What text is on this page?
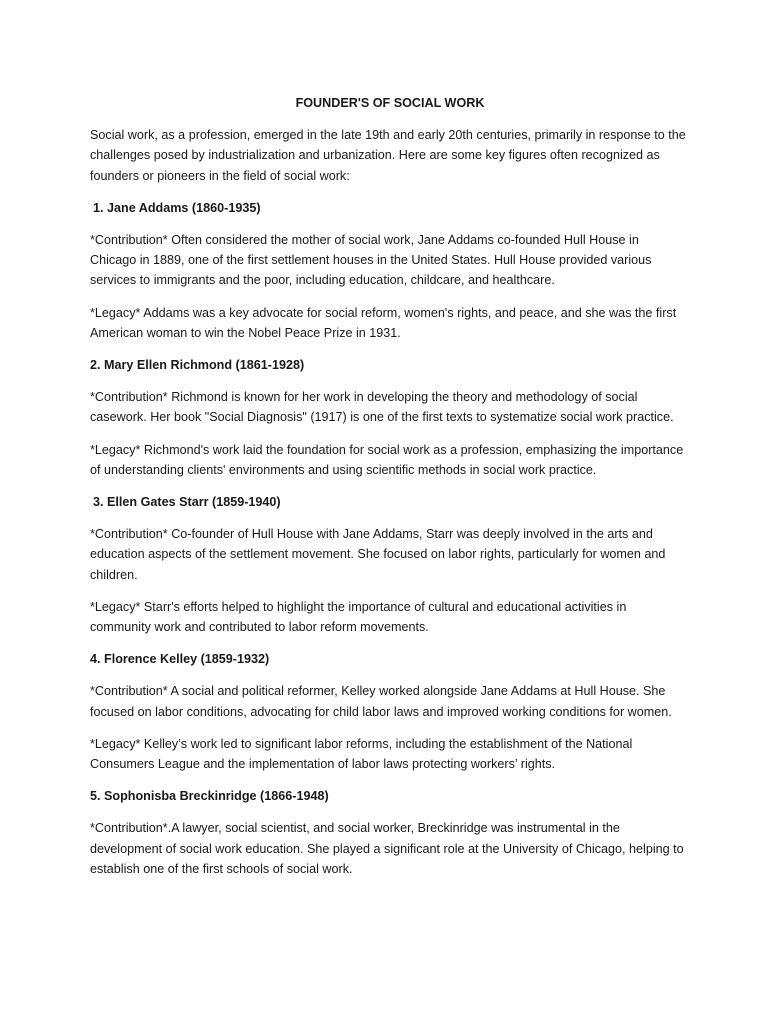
FOUNDER'S OF SOCIAL WORK
Social work, as a profession, emerged in the late 19th and early 20th centuries, primarily in response to the challenges posed by industrialization and urbanization. Here are some key figures often recognized as founders or pioneers in the field of social work:
1. Jane Addams (1860-1935)
*Contribution* Often considered the mother of social work, Jane Addams co-founded Hull House in Chicago in 1889, one of the first settlement houses in the United States. Hull House provided various services to immigrants and the poor, including education, childcare, and healthcare.
*Legacy* Addams was a key advocate for social reform, women's rights, and peace, and she was the first American woman to win the Nobel Peace Prize in 1931.
2. Mary Ellen Richmond (1861-1928)
*Contribution* Richmond is known for her work in developing the theory and methodology of social casework. Her book "Social Diagnosis" (1917) is one of the first texts to systematize social work practice.
*Legacy* Richmond's work laid the foundation for social work as a profession, emphasizing the importance of understanding clients' environments and using scientific methods in social work practice.
3. Ellen Gates Starr (1859-1940)
*Contribution* Co-founder of Hull House with Jane Addams, Starr was deeply involved in the arts and education aspects of the settlement movement. She focused on labor rights, particularly for women and children.
*Legacy* Starr's efforts helped to highlight the importance of cultural and educational activities in community work and contributed to labor reform movements.
4. Florence Kelley (1859-1932)
*Contribution* A social and political reformer, Kelley worked alongside Jane Addams at Hull House. She focused on labor conditions, advocating for child labor laws and improved working conditions for women.
*Legacy* Kelley’s work led to significant labor reforms, including the establishment of the National Consumers League and the implementation of labor laws protecting workers’ rights.
5. Sophonisba Breckinridge (1866-1948)
*Contribution*.A lawyer, social scientist, and social worker, Breckinridge was instrumental in the development of social work education. She played a significant role at the University of Chicago, helping to establish one of the first schools of social work.
